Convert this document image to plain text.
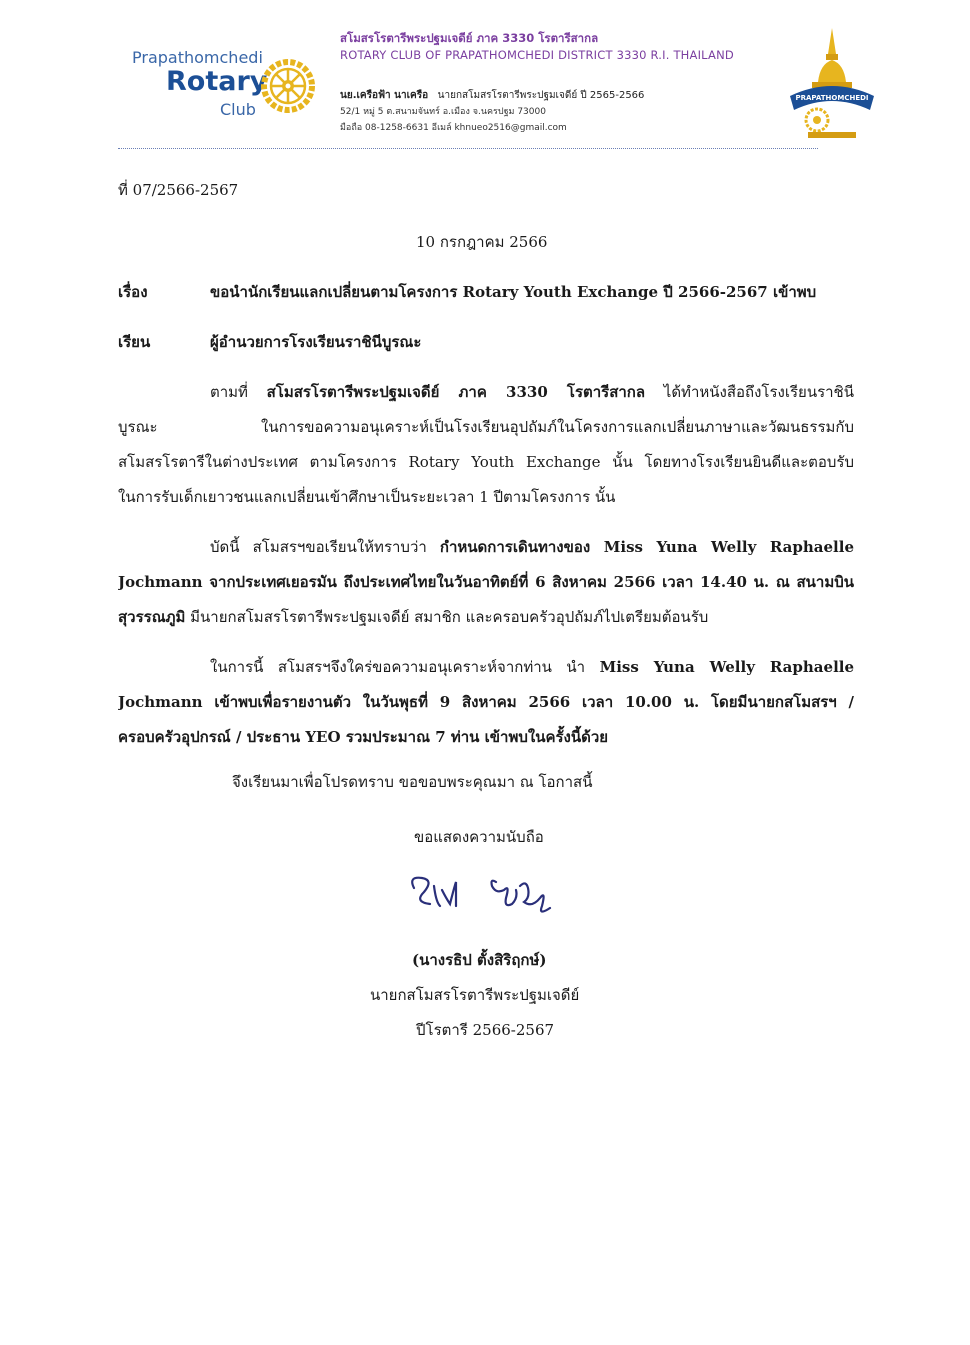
Prapathomchedi
Rotary
Club
สโมสรโรตารีพระปฐมเจดีย์ ภาค 3330 โรตารีสากล
ROTARY CLUB OF PRAPATHOMCHEDI DISTRICT 3330 R.I. THAILAND
นย.เครือฟ้า นาเครือ นายกสโมสรโรตารีพระปฐมเจดีย์ ปี 2565-2566
52/1 หมู่ 5 ต.สนามจันทร์ อ.เมือง จ.นครปฐม 73000
มือถือ 08-1258-6631 อีเมล์ khnueo2516@gmail.com
PRAPATHOMCHEDI
ที่ 07/2566-2567
10 กรกฎาคม 2566
เรื่อง	ขอนำนักเรียนแลกเปลี่ยนตามโครงการ Rotary Youth Exchange ปี 2566-2567 เข้าพบ
เรียน	ผู้อำนวยการโรงเรียนราชินีบูรณะ
ตามที่ สโมสรโรตารีพระปฐมเจดีย์ ภาค 3330 โรตารีสากล ได้ทำหนังสือถึงโรงเรียนราชินี
บูรณะ ในการขอความอนุเคราะห์เป็นโรงเรียนอุปถัมภ์ในโครงการแลกเปลี่ยนภาษาและวัฒนธรรมกับ
สโมสรโรตารีในต่างประเทศ ตามโครงการ Rotary Youth Exchange นั้น โดยทางโรงเรียนยินดีและตอบรับ
ในการรับเด็กเยาวชนแลกเปลี่ยนเข้าศึกษาเป็นระยะเวลา 1 ปีตามโครงการ นั้น
บัดนี้ สโมสรฯขอเรียนให้ทราบว่า กำหนดการเดินทางของ Miss Yuna Welly Raphaelle
Jochmann จากประเทศเยอรมัน ถึงประเทศไทยในวันอาทิตย์ที่ 6 สิงหาคม 2566 เวลา 14.40 น. ณ สนามบิน
สุวรรณภูมิ มีนายกสโมสรโรตารีพระปฐมเจดีย์ สมาชิก และครอบครัวอุปถัมภ์ไปเตรียมต้อนรับ
ในการนี้ สโมสรฯจึงใคร่ขอความอนุเคราะห์จากท่าน นำ Miss Yuna Welly Raphaelle
Jochmann เข้าพบเพื่อรายงานตัว ในวันพุธที่ 9 สิงหาคม 2566 เวลา 10.00 น. โดยมีนายกสโมสรฯ /
ครอบครัวอุปกรณ์ / ประธาน YEO รวมประมาณ 7 ท่าน เข้าพบในครั้งนี้ด้วย
จึงเรียนมาเพื่อโปรดทราบ ขอขอบพระคุณมา ณ โอกาสนี้
ขอแสดงความนับถือ
(นางรธิป ตั้งสิริฤกษ์)
นายกสโมสรโรตารีพระปฐมเจดีย์
ปีโรตารี 2566-2567
